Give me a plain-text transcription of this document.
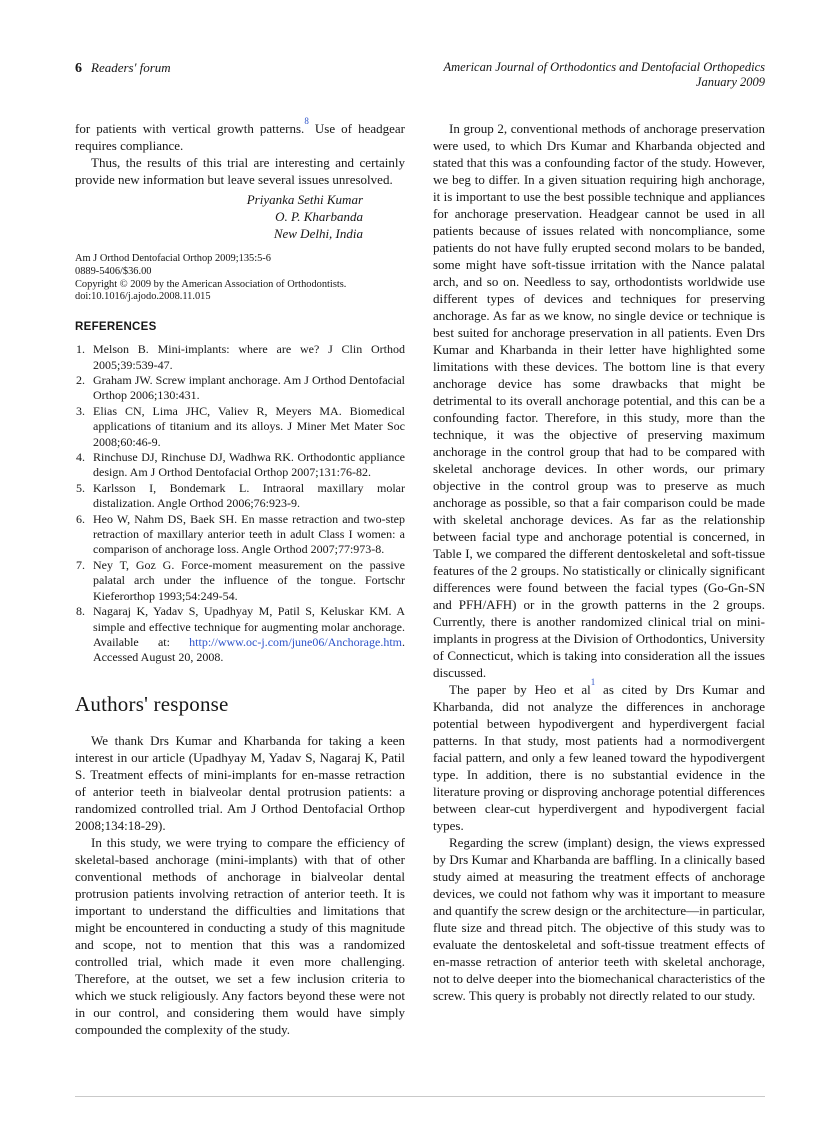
6 Readers' forum	American Journal of Orthodontics and Dentofacial Orthopedics
January 2009

for patients with vertical growth patterns.$^8$ Use of headgear requires compliance.

Thus, the results of this trial are interesting and certainly provide new information but leave several issues unresolved.

Priyanka Sethi Kumar
O. P. Kharbanda
New Delhi, India
Am J Orthod Dentofacial Orthop 2009;135:5-6
0889-5406/$36.00
Copyright © 2009 by the American Association of Orthodontists.
doi:10.1016/j.ajodo.2008.11.015
REFERENCES
Melson B. Mini-implants: where are we? J Clin Orthod 2005;39:539-47.
Graham JW. Screw implant anchorage. Am J Orthod Dentofacial Orthop 2006;130:431.
Elias CN, Lima JHC, Valiev R, Meyers MA. Biomedical applications of titanium and its alloys. J Miner Met Mater Soc 2008;60:46-9.
Rinchuse DJ, Rinchuse DJ, Wadhwa RK. Orthodontic appliance design. Am J Orthod Dentofacial Orthop 2007;131:76-82.
Karlsson I, Bondemark L. Intraoral maxillary molar distalization. Angle Orthod 2006;76:923-9.
Heo W, Nahm DS, Baek SH. En masse retraction and two-step retraction of maxillary anterior teeth in adult Class I women: a comparison of anchorage loss. Angle Orthod 2007;77:973-8.
Ney T, Goz G. Force-moment measurement on the passive palatal arch under the influence of the tongue. Fortschr Kieferorthop 1993;54:249-54.
Nagaraj K, Yadav S, Upadhyay M, Patil S, Keluskar KM. A simple and effective technique for augmenting molar anchorage. Available at: http://www.oc-j.com/june06/Anchorage.htm. Accessed August 20, 2008.
Authors' response

We thank Drs Kumar and Kharbanda for taking a keen interest in our article (Upadhyay M, Yadav S, Nagaraj K, Patil S. Treatment effects of mini-implants for en-masse retraction of anterior teeth in bialveolar dental protrusion patients: a randomized controlled trial. Am J Orthod Dentofacial Orthop 2008;134:18-29).

In this study, we were trying to compare the efficiency of skeletal-based anchorage (mini-implants) with that of other conventional methods of anchorage in bialveolar dental protrusion patients involving retraction of anterior teeth. It is important to understand the difficulties and limitations that might be encountered in conducting a study of this magnitude and scope, not to mention that this was a randomized controlled trial, which made it even more challenging. Therefore, at the outset, we set a few inclusion criteria to which we stuck religiously. Any factors beyond these were not in our control, and considering them would have simply compounded the complexity of the study.

In group 2, conventional methods of anchorage preservation were used, to which Drs Kumar and Kharbanda objected and stated that this was a confounding factor of the study. However, we beg to differ. In a given situation requiring high anchorage, it is important to use the best possible technique and appliances for anchorage preservation. Headgear cannot be used in all patients because of issues related with noncompliance, some patients do not have fully erupted second molars to be banded, some might have soft-tissue irritation with the Nance palatal arch, and so on. Needless to say, orthodontists worldwide use different types of devices and techniques for preserving anchorage. As far as we know, no single device or technique is best suited for anchorage preservation in all patients. Even Drs Kumar and Kharbanda in their letter have highlighted some limitations with these devices. The bottom line is that every anchorage device has some drawbacks that might be detrimental to its overall anchorage potential, and this can be a confounding factor. Therefore, in this study, more than the technique, it was the objective of preserving maximum anchorage in the control group that had to be compared with skeletal anchorage devices. In other words, our primary objective in the control group was to preserve as much anchorage as possible, so that a fair comparison could be made with skeletal anchorage devices. As far as the relationship between facial type and anchorage potential is concerned, in Table I, we compared the different dentoskeletal and soft-tissue features of the 2 groups. No statistically or clinically significant differences were found between the facial types (Go-Gn-SN and PFH/AFH) or in the growth patterns in the 2 groups. Currently, there is another randomized clinical trial on mini-implants in progress at the Division of Orthodontics, University of Connecticut, which is taking into consideration all the issues discussed.

The paper by Heo et al$^1$ as cited by Drs Kumar and Kharbanda, did not analyze the differences in anchorage potential between hypodivergent and hyperdivergent facial patterns. In that study, most patients had a normodivergent facial pattern, and only a few leaned toward the hypodivergent type. In addition, there is no substantial evidence in the literature proving or disproving anchorage potential differences between clear-cut hyperdivergent and hypodivergent facial types.

Regarding the screw (implant) design, the views expressed by Drs Kumar and Kharbanda are baffling. In a clinically based study aimed at measuring the treatment effects of anchorage devices, we could not fathom why was it important to measure and quantify the screw design or the architecture—in particular, flute size and thread pitch. The objective of this study was to evaluate the dentoskeletal and soft-tissue treatment effects of en-masse retraction of anterior teeth with skeletal anchorage, not to delve deeper into the biomechanical characteristics of the screw. This query is probably not directly related to our study.
